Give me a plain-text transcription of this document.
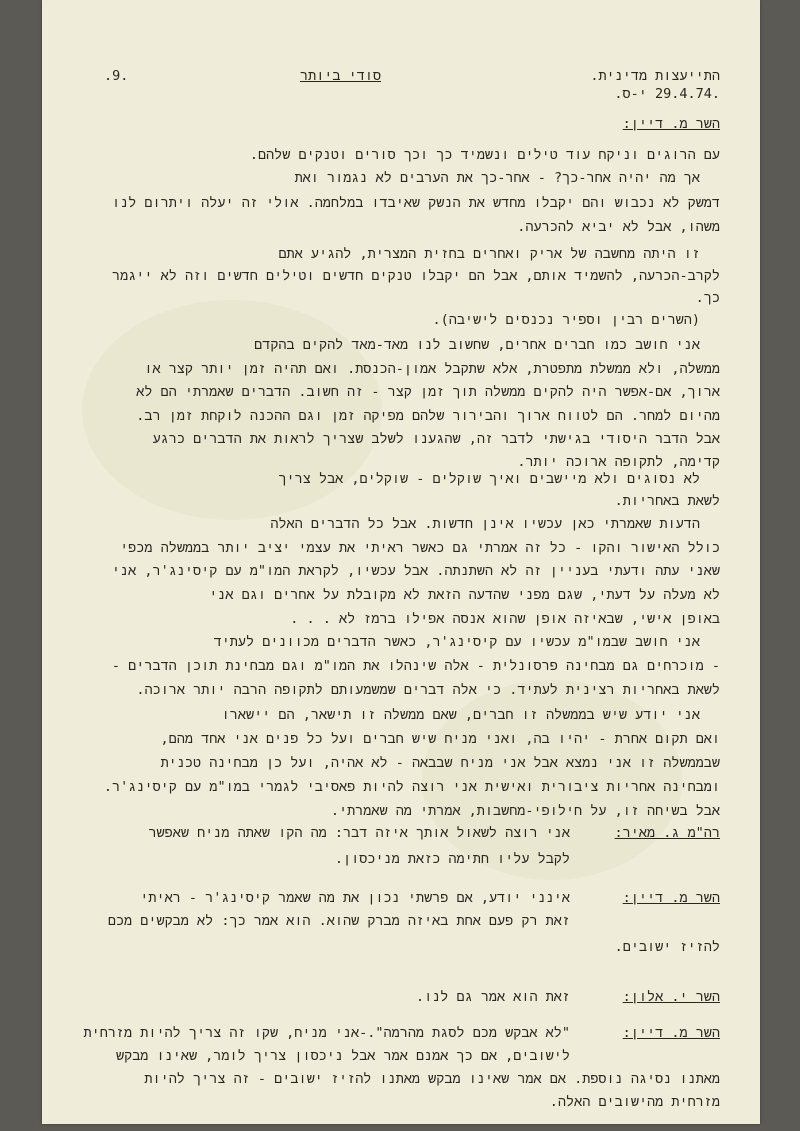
התייעצות מדינית.
.29.4.74 י-ס.
סודי ביותר
.9.
השר מ. דיין:
עם הרוגים וניקח עוד טילים ונשמיד כך וכך סורים וטנקים שלהם.
אך מה יהיה אחר-כך? - אחר-כך את הערבים לא נגמור ואת
דמשק לא נכבוש והם יקבלו מחדש את הנשק שאיבדו במלחמה. אולי זה יעלה ויתרום לנו
משהו, אבל לא יביא להכרעה.
זו היתה מחשבה של אריק ואחרים בחזית המצרית, להגיע אתם
לקרב-הכרעה, להשמיד אותם, אבל הם יקבלו טנקים חדשים וטילים חדשים וזה לא ייגמר
כך.
(השרים רבין וספיר נכנסים לישיבה).
אני חושב כמו חברים אחרים, שחשוב לנו מאד-מאד להקים בהקדם
ממשלה, ולא ממשלת מתפטרת, אלא שתקבל אמון-הכנסת. ואם תהיה זמן יותר קצר או
ארוך, אם-אפשר היה להקים ממשלה תוך זמן קצר - זה חשוב. הדברים שאמרתי הם לא
מהיום למחר. הם לטווח ארוך והבירור שלהם מפיקה זמן וגם ההכנה לוקחת זמן רב.
אבל הדבר היסודי בגישתי לדבר זה, שהגענו לשלב שצריך לראות את הדברים כרגע
קדימה, לתקופה ארוכה יותר.
לא נסוגים ולא מיישבים ואיך שוקלים - שוקלים, אבל צריך
לשאת באחריות.
הדעות שאמרתי כאן עכשיו אינן חדשות. אבל כל הדברים האלה
כולל האישור והקו - כל זה אמרתי גם כאשר ראיתי את עצמי יציב יותר בממשלה מכפי
שאני עתה ודעתי בעניין זה לא השתנתה. אבל עכשיו, לקראת המו"מ עם קיסינג'ר, אני
לא מעלה על דעתי, שגם מפני שהדעה הזאת לא מקובלת על אחרים וגם אני
באופן אישי, שבאיזה אופן שהוא אנסה אפילו ברמז לא . . .
אני חושב שבמו"מ עכשיו עם קיסינג'ר, כאשר הדברים מכוונים לעתיד
- מוכרחים גם מבחינה פרסונלית - אלה שינהלו את המו"מ וגם מבחינת תוכן הדברים -
לשאת באחריות רצינית לעתיד. כי אלה דברים שמשמעותם לתקופה הרבה יותר ארוכה.
אני יודע שיש בממשלה זו חברים, שאם ממשלה זו תישאר, הם יישארו
ואם תקום אחרת - יהיו בה, ואני מניח שיש חברים ועל כל פנים אני אחד מהם,
שבממשלה זו אני נמצא אבל אני מניח שבבאה - לא אהיה, ועל כן מבחינה טכנית
ומבחינה אחריות ציבורית ואישית אני רוצה להיות פאסיבי לגמרי במו"מ עם קיסינג'ר.
אבל בשיחה זו, על חילופי-מחשבות, אמרתי מה שאמרתי.
רה"מ ג. מאיר:
אני רוצה לשאול אותך איזה דבר: מה הקו שאתה מניח שאפשר
לקבל עליו חתימה כזאת מניכסון.
השר מ. דיין:
אינני יודע, אם פרשתי נכון את מה שאמר קיסינג'ר - ראיתי
זאת רק פעם אחת באיזה מברק שהוא. הוא אמר כך: לא מבקשים מכם
להזיז ישובים.
השר י. אלון:
זאת הוא אמר גם לנו.
השר מ. דיין:
"לא אבקש מכם לסגת מהרמה".-אני מניח, שקו זה צריך להיות מזרחית
לישובים, אם כך אמנם אמר אבל ניכסון צריך לומר, שאינו מבקש
מאתנו נסיגה נוספת. אם אמר שאינו מבקש מאתנו להזיז ישובים - זה צריך להיות
מזרחית מהישובים האלה.
